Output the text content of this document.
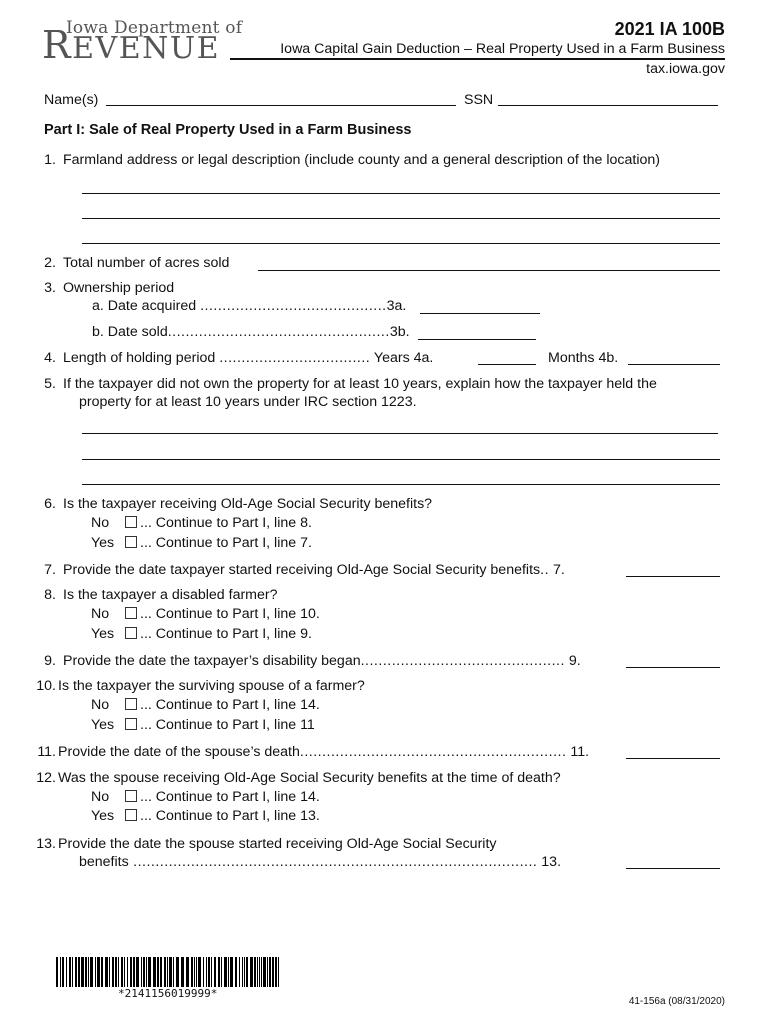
Iowa Department of
REVENUE
2021 IA 100B
Iowa Capital Gain Deduction – Real Property Used in a Farm Business
tax.iowa.gov
Name(s)	SSN
Part I: Sale of Real Property Used in a Farm Business
1. Farmland address or legal description (include county and a general description of the location)
2. Total number of acres sold
3. Ownership period
a. Date acquired ..........................................3a.
b. Date sold..................................................3b.
4. Length of holding period .................................. Years 4a.	Months 4b.
5. If the taxpayer did not own the property for at least 10 years, explain how the taxpayer held the
property for at least 10 years under IRC section 1223.
6. Is the taxpayer receiving Old-Age Social Security benefits?
No ... Continue to Part I, line 8.
Yes ... Continue to Part I, line 7.
7. Provide the date taxpayer started receiving Old-Age Social Security benefits.. 7.
8. Is the taxpayer a disabled farmer?
No ... Continue to Part I, line 10.
Yes ... Continue to Part I, line 9.
9. Provide the date the taxpayer’s disability began.............................................. 9.
10. Is the taxpayer the surviving spouse of a farmer?
No ... Continue to Part I, line 14.
Yes ... Continue to Part I, line 11
11. Provide the date of the spouse’s death............................................................ 11.
12. Was the spouse receiving Old-Age Social Security benefits at the time of death?
No ... Continue to Part I, line 14.
Yes ... Continue to Part I, line 13.
13. Provide the date the spouse started receiving Old-Age Social Security
benefits ........................................................................................... 13.
*2141156019999*
41-156a (08/31/2020)
